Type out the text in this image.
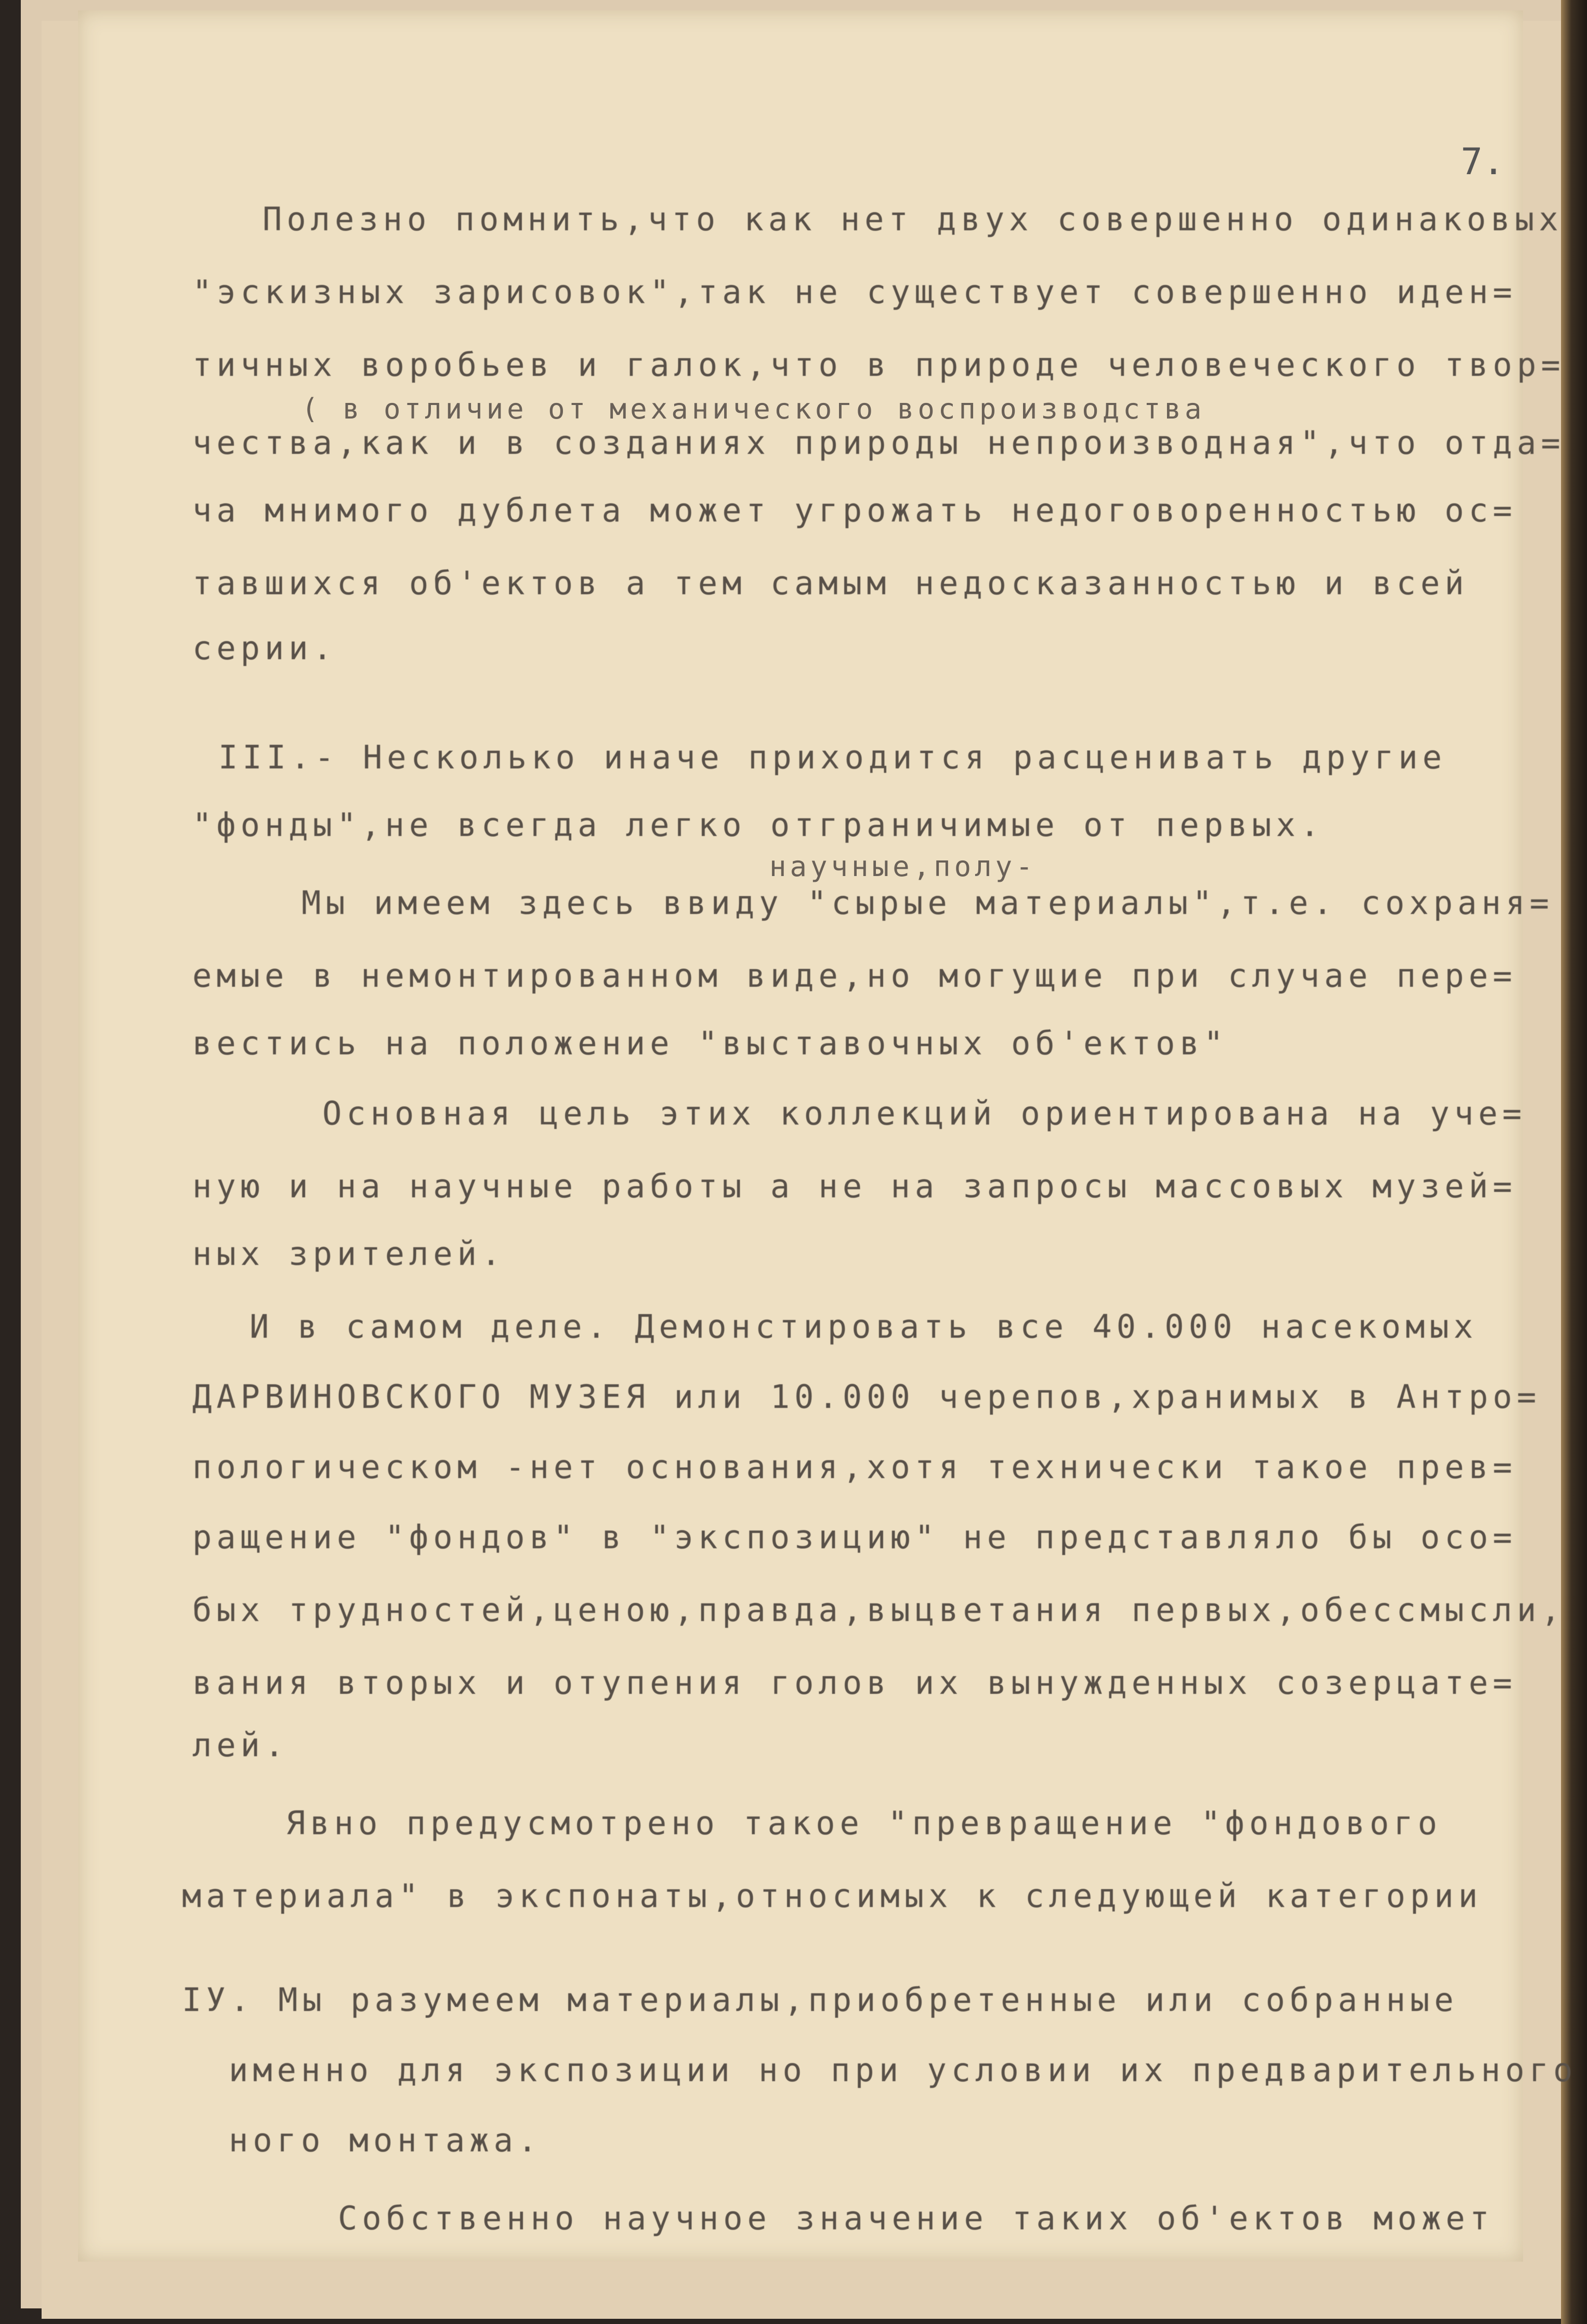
7.
Полезно помнить,что как нет двух совершенно одинаковых
"эскизных зарисовок",так не существует совершенно иден=
тичных воробьев и галок,что в природе человеческого твор=
( в отличие от механического воспроизводства
чества,как и в созданиях природы непроизводная",что отда=
ча мнимого дублета может угрожать недоговоренностью ос=
тавшихся об'ектов а тем самым недосказанностью и всей
серии.
III.- Несколько иначе приходится расценивать другие
"фонды",не всегда легко отграничимые от первых.
научные,полу-
Мы имеем здесь ввиду "сырые материалы",т.е. сохраня=
емые в немонтированном виде,но могущие при случае пере=
вестись на положение "выставочных об'ектов"
Основная цель этих коллекций ориентирована на уче=
ную и на научные работы а не на запросы массовых музей=
ных зрителей.
И в самом деле. Демонстировать все 40.000 насекомых
ДАРВИНОВСКОГО МУЗЕЯ или 10.000 черепов,хранимых в Антро=
пологическом -нет основания,хотя технически такое прев=
ращение "фондов" в "экспозицию" не представляло бы осо=
бых трудностей,ценою,правда,выцветания первых,обессмысли,
вания вторых и отупения голов их вынужденных созерцате=
лей.
Явно предусмотрено такое "превращение "фондового
материала" в экспонаты,относимых к следующей категории
IУ. Мы разумеем материалы,приобретенные или собранные
именно для экспозиции но при условии их предварительного
ного монтажа.
Собственно научное значение таких об'ектов может
